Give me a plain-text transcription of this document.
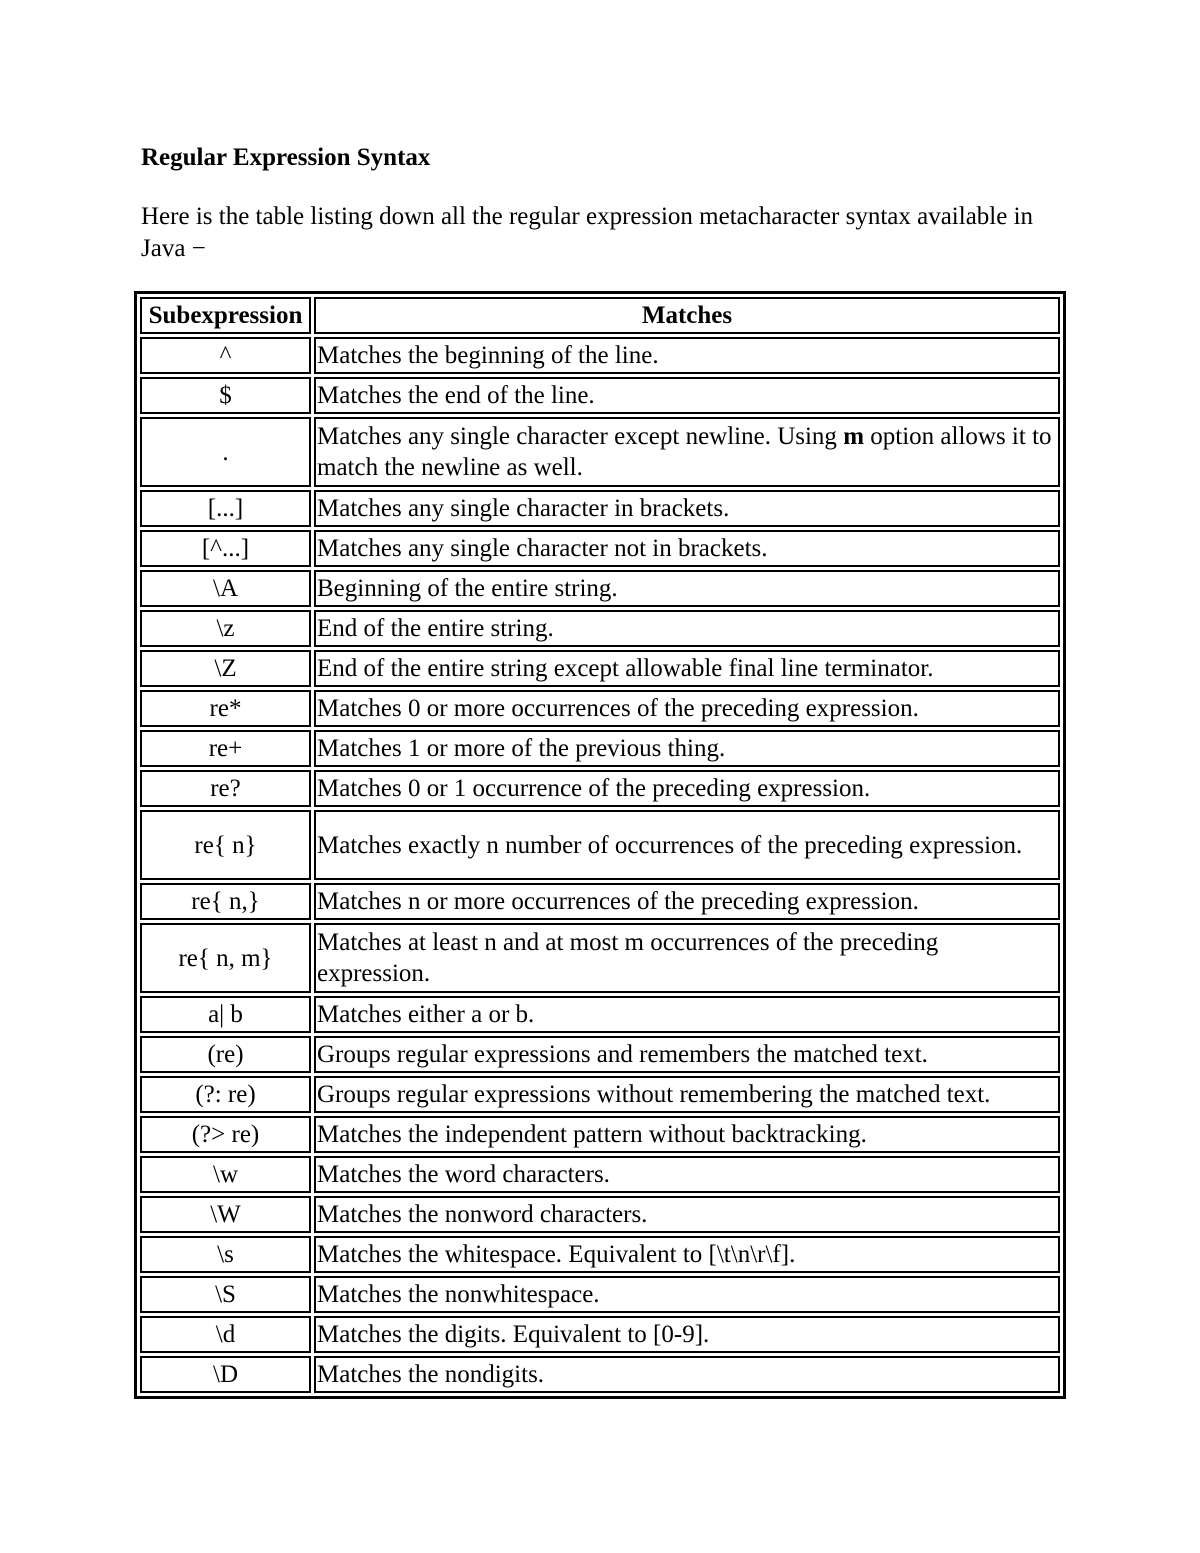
Regular Expression Syntax

Here is the table listing down all the regular expression metacharacter syntax available in Java −

Subexpression	Matches
^	Matches the beginning of the line.
$	Matches the end of the line.
.	Matches any single character except newline. Using m option allows it to match the newline as well.
[...]	Matches any single character in brackets.
[^...]	Matches any single character not in brackets.
\A	Beginning of the entire string.
\z	End of the entire string.
\Z	End of the entire string except allowable final line terminator.
re*	Matches 0 or more occurrences of the preceding expression.
re+	Matches 1 or more of the previous thing.
re?	Matches 0 or 1 occurrence of the preceding expression.
re{ n}	Matches exactly n number of occurrences of the preceding expression.
re{ n,}	Matches n or more occurrences of the preceding expression.
re{ n, m}	Matches at least n and at most m occurrences of the preceding expression.
a| b	Matches either a or b.
(re)	Groups regular expressions and remembers the matched text.
(?: re)	Groups regular expressions without remembering the matched text.
(?> re)	Matches the independent pattern without backtracking.
\w	Matches the word characters.
\W	Matches the nonword characters.
\s	Matches the whitespace. Equivalent to [\t\n\r\f].
\S	Matches the nonwhitespace.
\d	Matches the digits. Equivalent to [0-9].
\D	Matches the nondigits.
